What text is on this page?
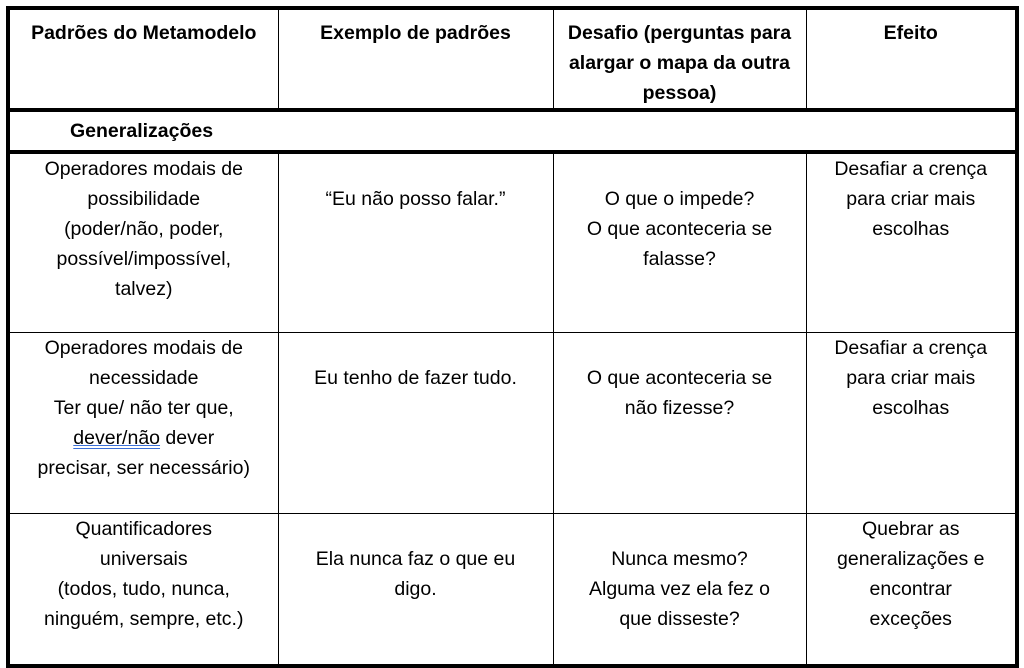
Padrões do Metamodelo	Exemplo de padrões	Desafio (perguntas para alargar o mapa da outra pessoa)	Efeito
Generalizações			

Operadores modais de
possibilidade
(poder/não, poder,
possível/impossível,
talvez)	“Eu não posso falar.”	O que o impede?
O que aconteceria se
falasse?	Desafiar a crença
para criar mais
escolhas

Operadores modais de
necessidade
Ter que/ não ter que,
dever/não dever
precisar, ser necessário)	Eu tenho de fazer tudo.	O que aconteceria se
não fizesse?	Desafiar a crença
para criar mais
escolhas

Quantificadores
universais
(todos, tudo, nunca,
ninguém, sempre, etc.)	Ela nunca faz o que eu
digo.	Nunca mesmo?
Alguma vez ela fez o
que disseste?	Quebrar as
generalizações e
encontrar
exceções
